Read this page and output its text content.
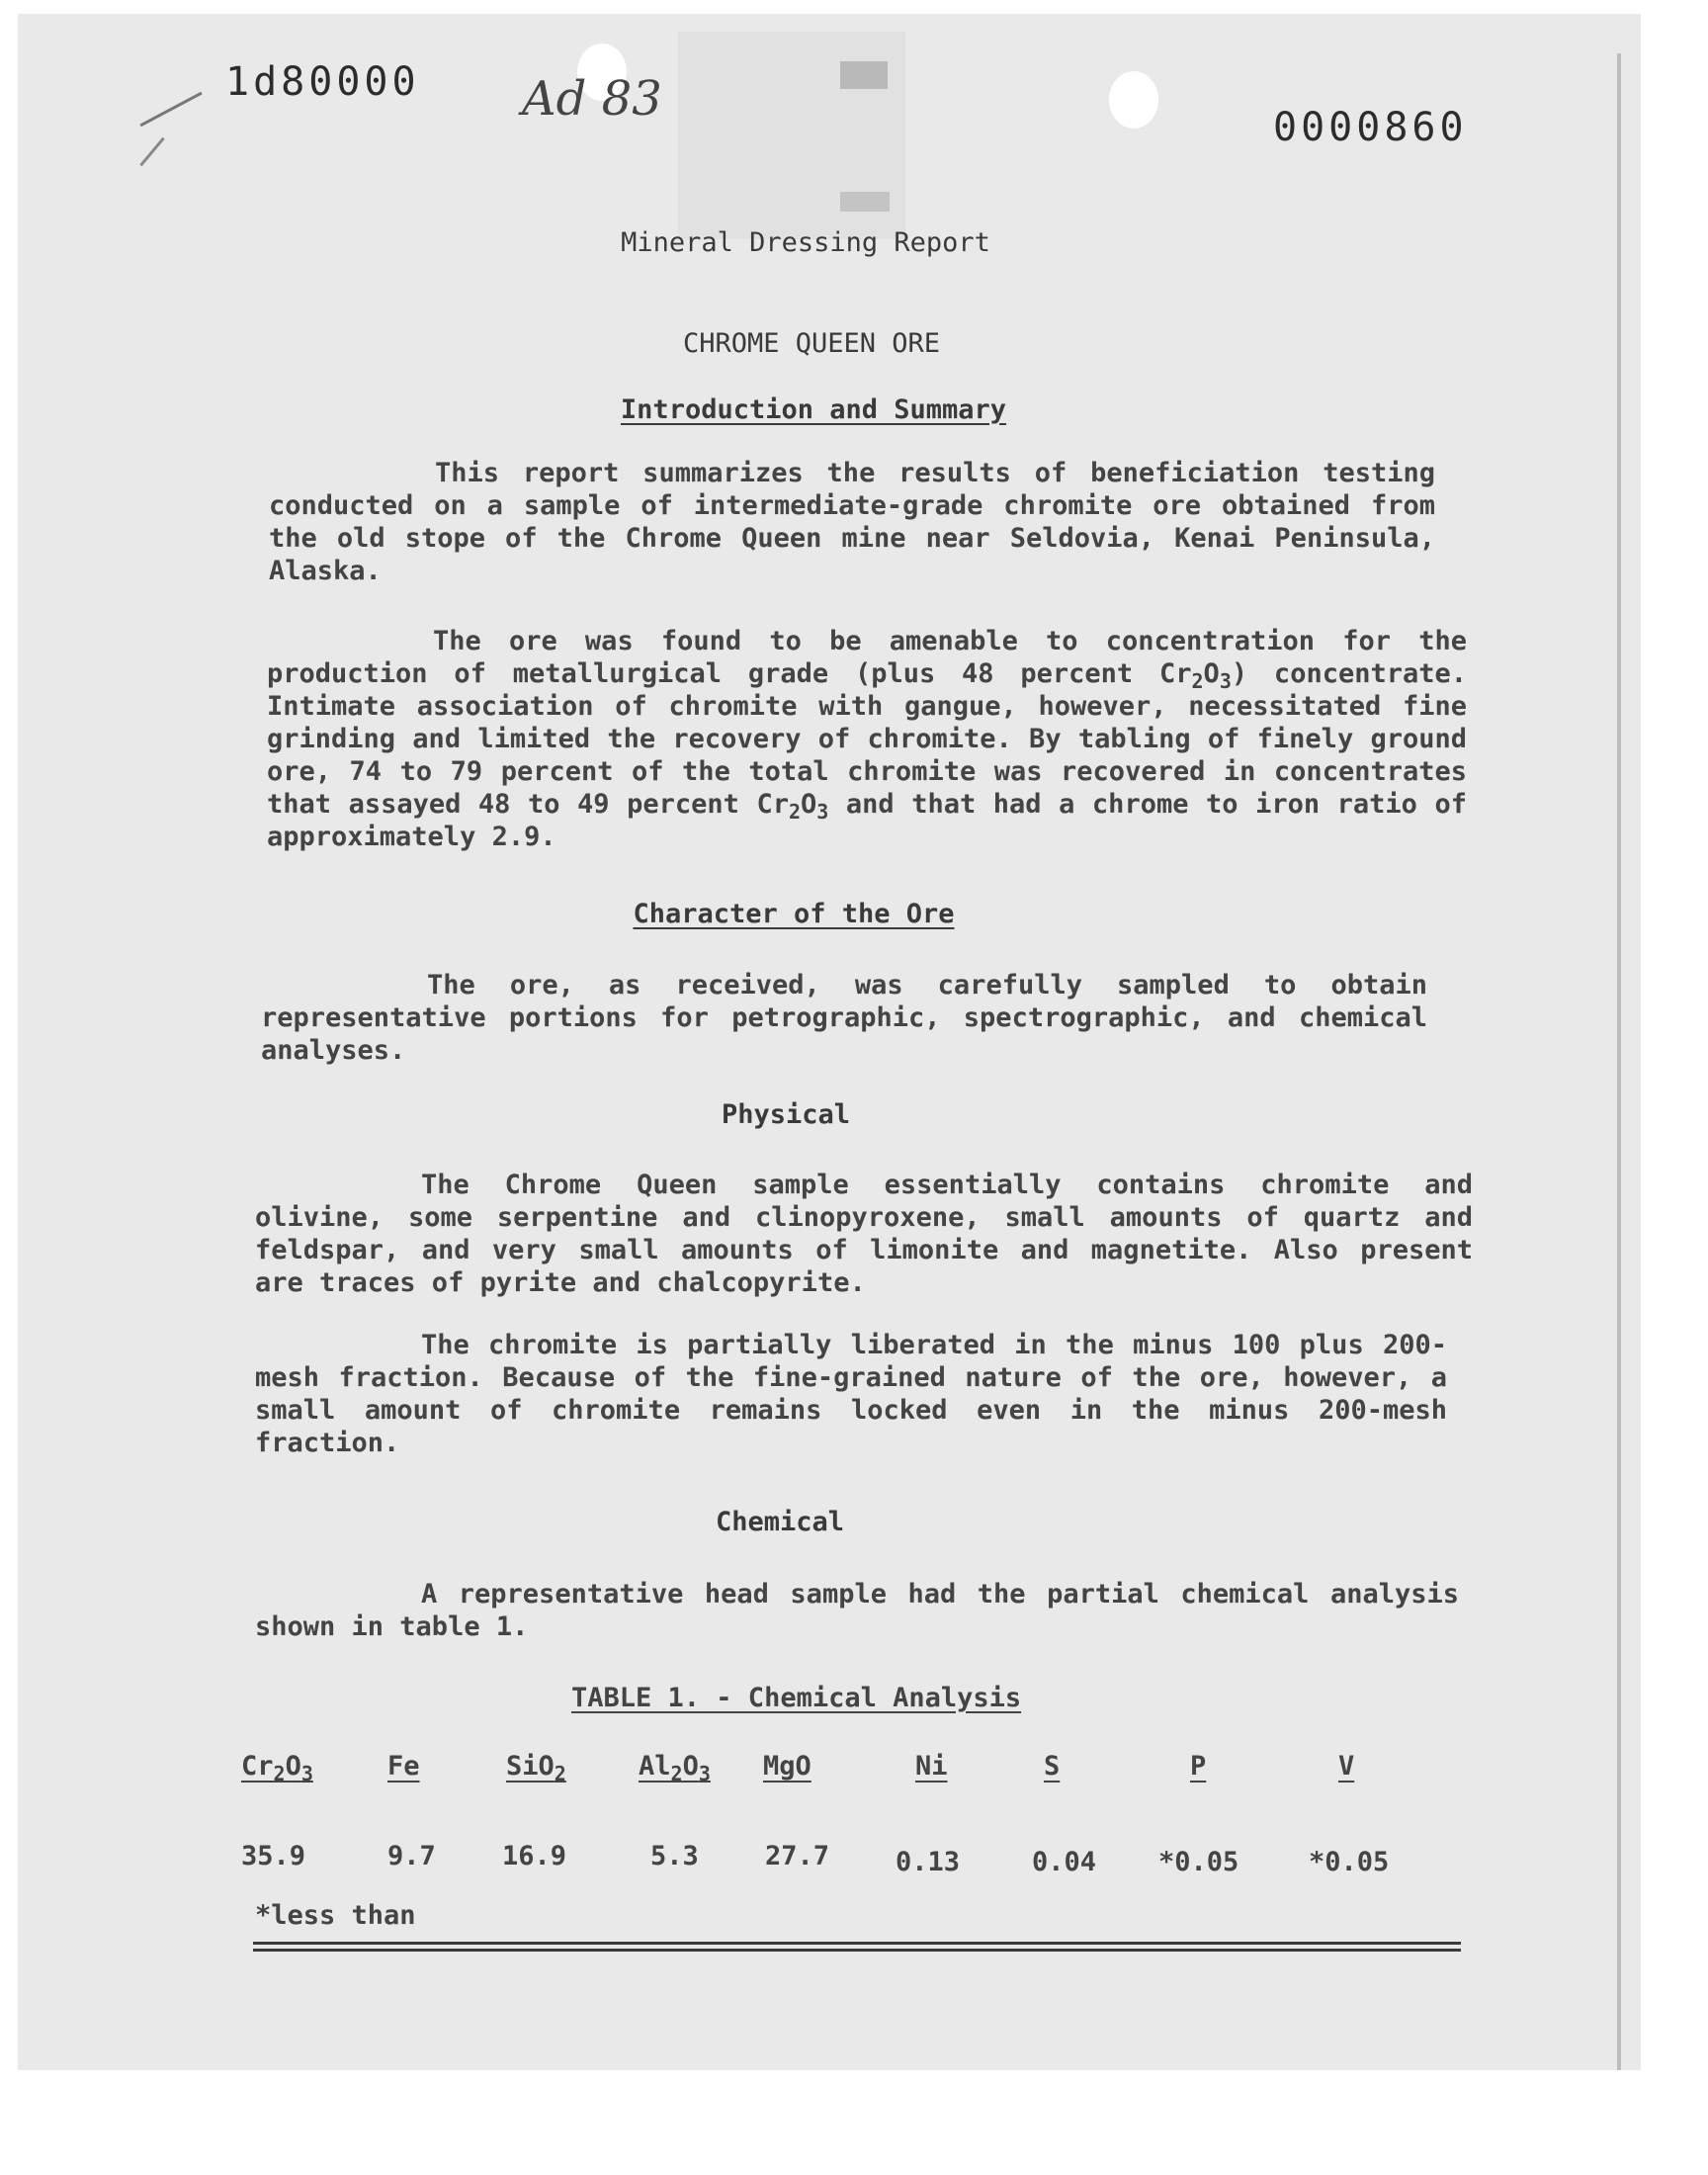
1d80000 Ad 83
0000860
Mineral Dressing Report
CHROME QUEEN ORE
Introduction and Summary
This report summarizes the results of beneficiation testing conducted on a sample of intermediate-grade chromite ore obtained from the old stope of the Chrome Queen mine near Seldovia, Kenai Peninsula, Alaska.
The ore was found to be amenable to concentration for the production of metallurgical grade (plus 48 percent $Cr_2O_3$) concentrate. Intimate association of chromite with gangue, however, necessitated fine grinding and limited the recovery of chromite. By tabling of finely ground ore, 74 to 79 percent of the total chromite was recovered in concentrates that assayed 48 to 49 percent $Cr_2O_3$ and that had a chrome to iron ratio of approximately 2.9.
Character of the Ore
The ore, as received, was carefully sampled to obtain representative portions for petrographic, spectrographic, and chemical analyses.
Physical
The Chrome Queen sample essentially contains chromite and olivine, some serpentine and clinopyroxene, small amounts of quartz and feldspar, and very small amounts of limonite and magnetite. Also present are traces of pyrite and chalcopyrite.
The chromite is partially liberated in the minus 100 plus 200-mesh fraction. Because of the fine-grained nature of the ore, however, a small amount of chromite remains locked even in the minus 200-mesh fraction.
Chemical
A representative head sample had the partial chemical analysis shown in table 1.
TABLE 1. - Chemical Analysis
$Cr_2O_3$	Fe	SiO$_2$	$Al_2O_3$ MgO	Ni	S	P	V
35.9	9.7 16.9	5.3 27.7 0.13	0.04 *0.05	*0.05
*less than
